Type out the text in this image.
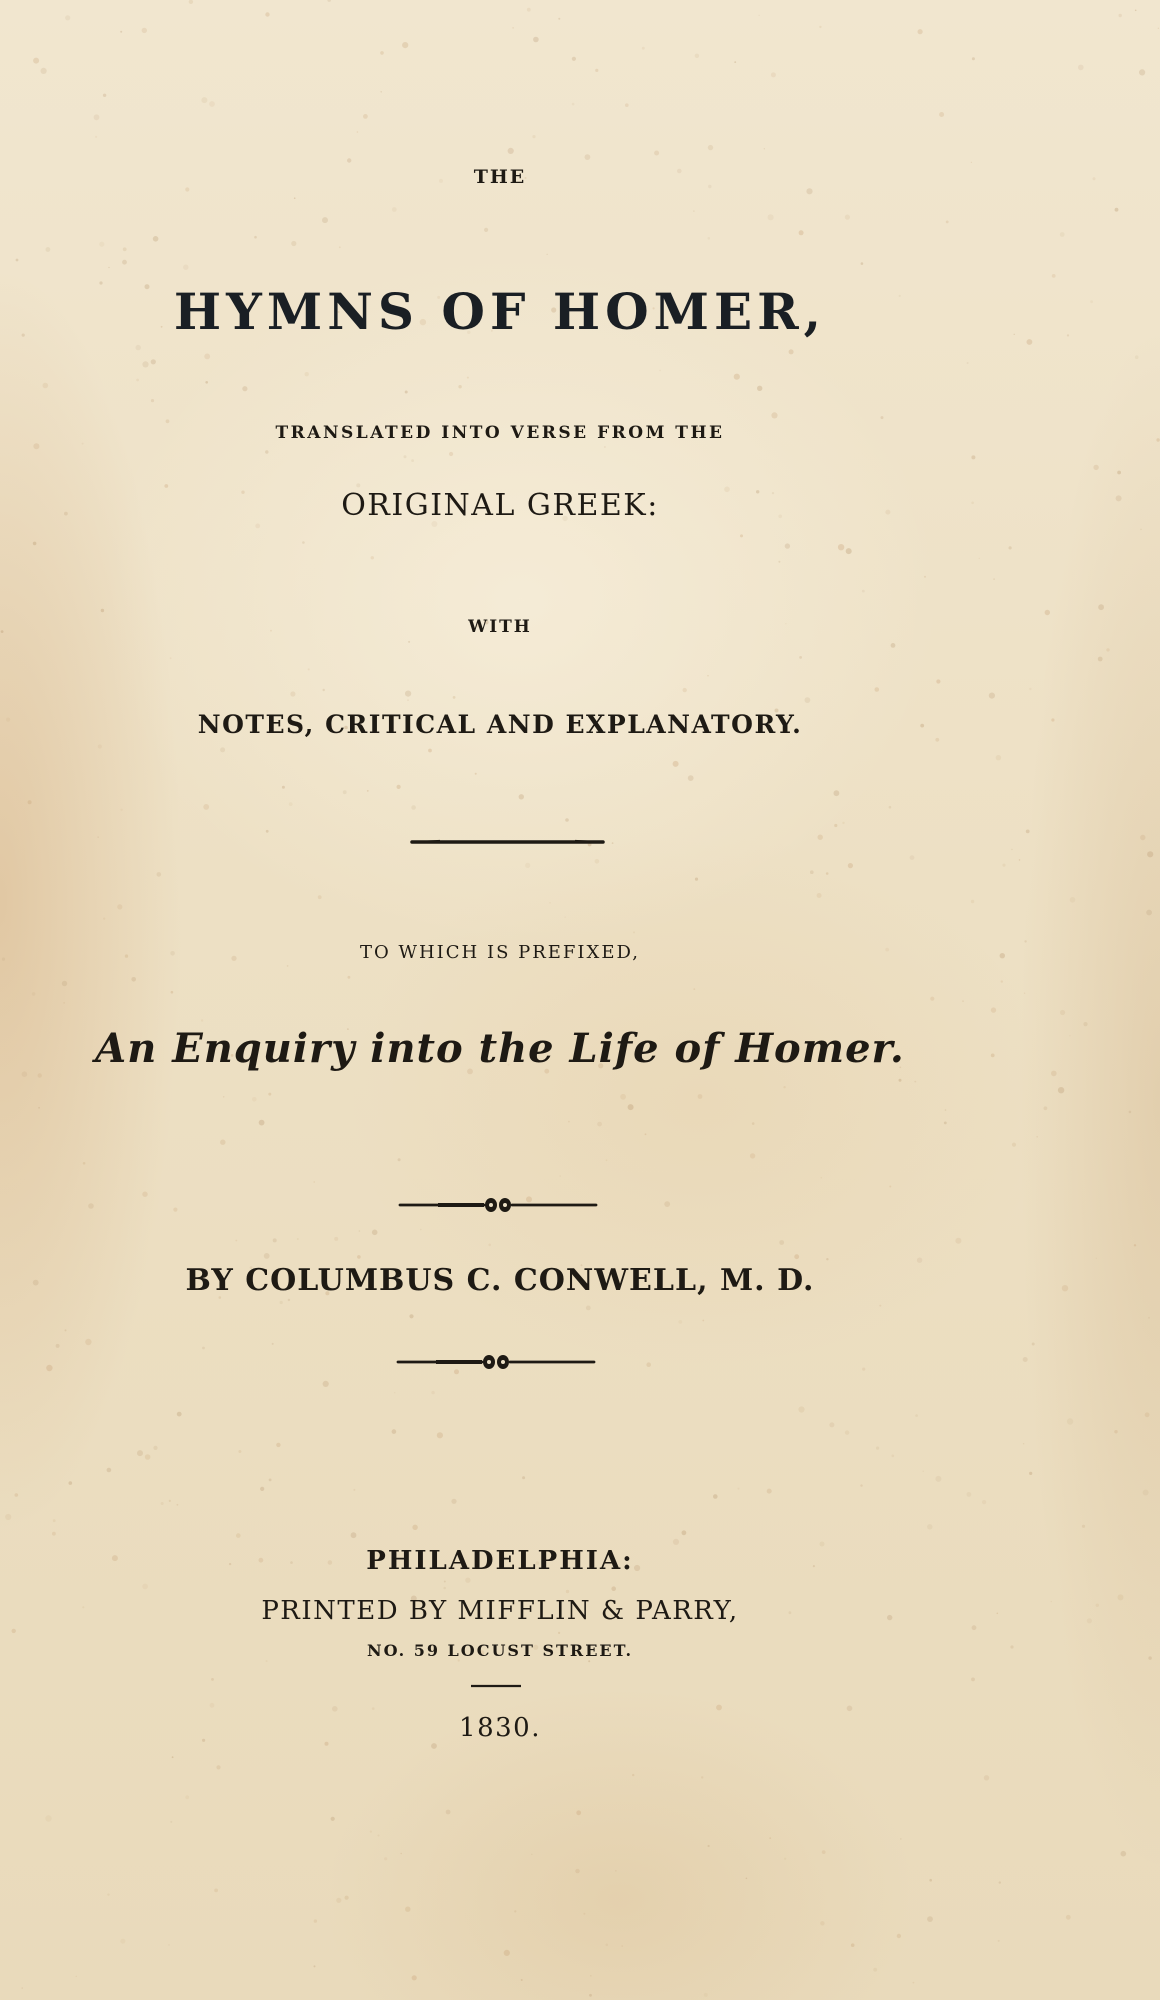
THE
HYMNS OF HOMER,
TRANSLATED INTO VERSE FROM THE
ORIGINAL GREEK:
WITH
NOTES, CRITICAL AND EXPLANATORY.
TO WHICH IS PREFIXED,
An Enquiry into the Life of Homer.
BY COLUMBUS C. CONWELL, M. D.
PHILADELPHIA:
PRINTED BY MIFFLIN & PARRY,
NO. 59 LOCUST STREET.
1830.
